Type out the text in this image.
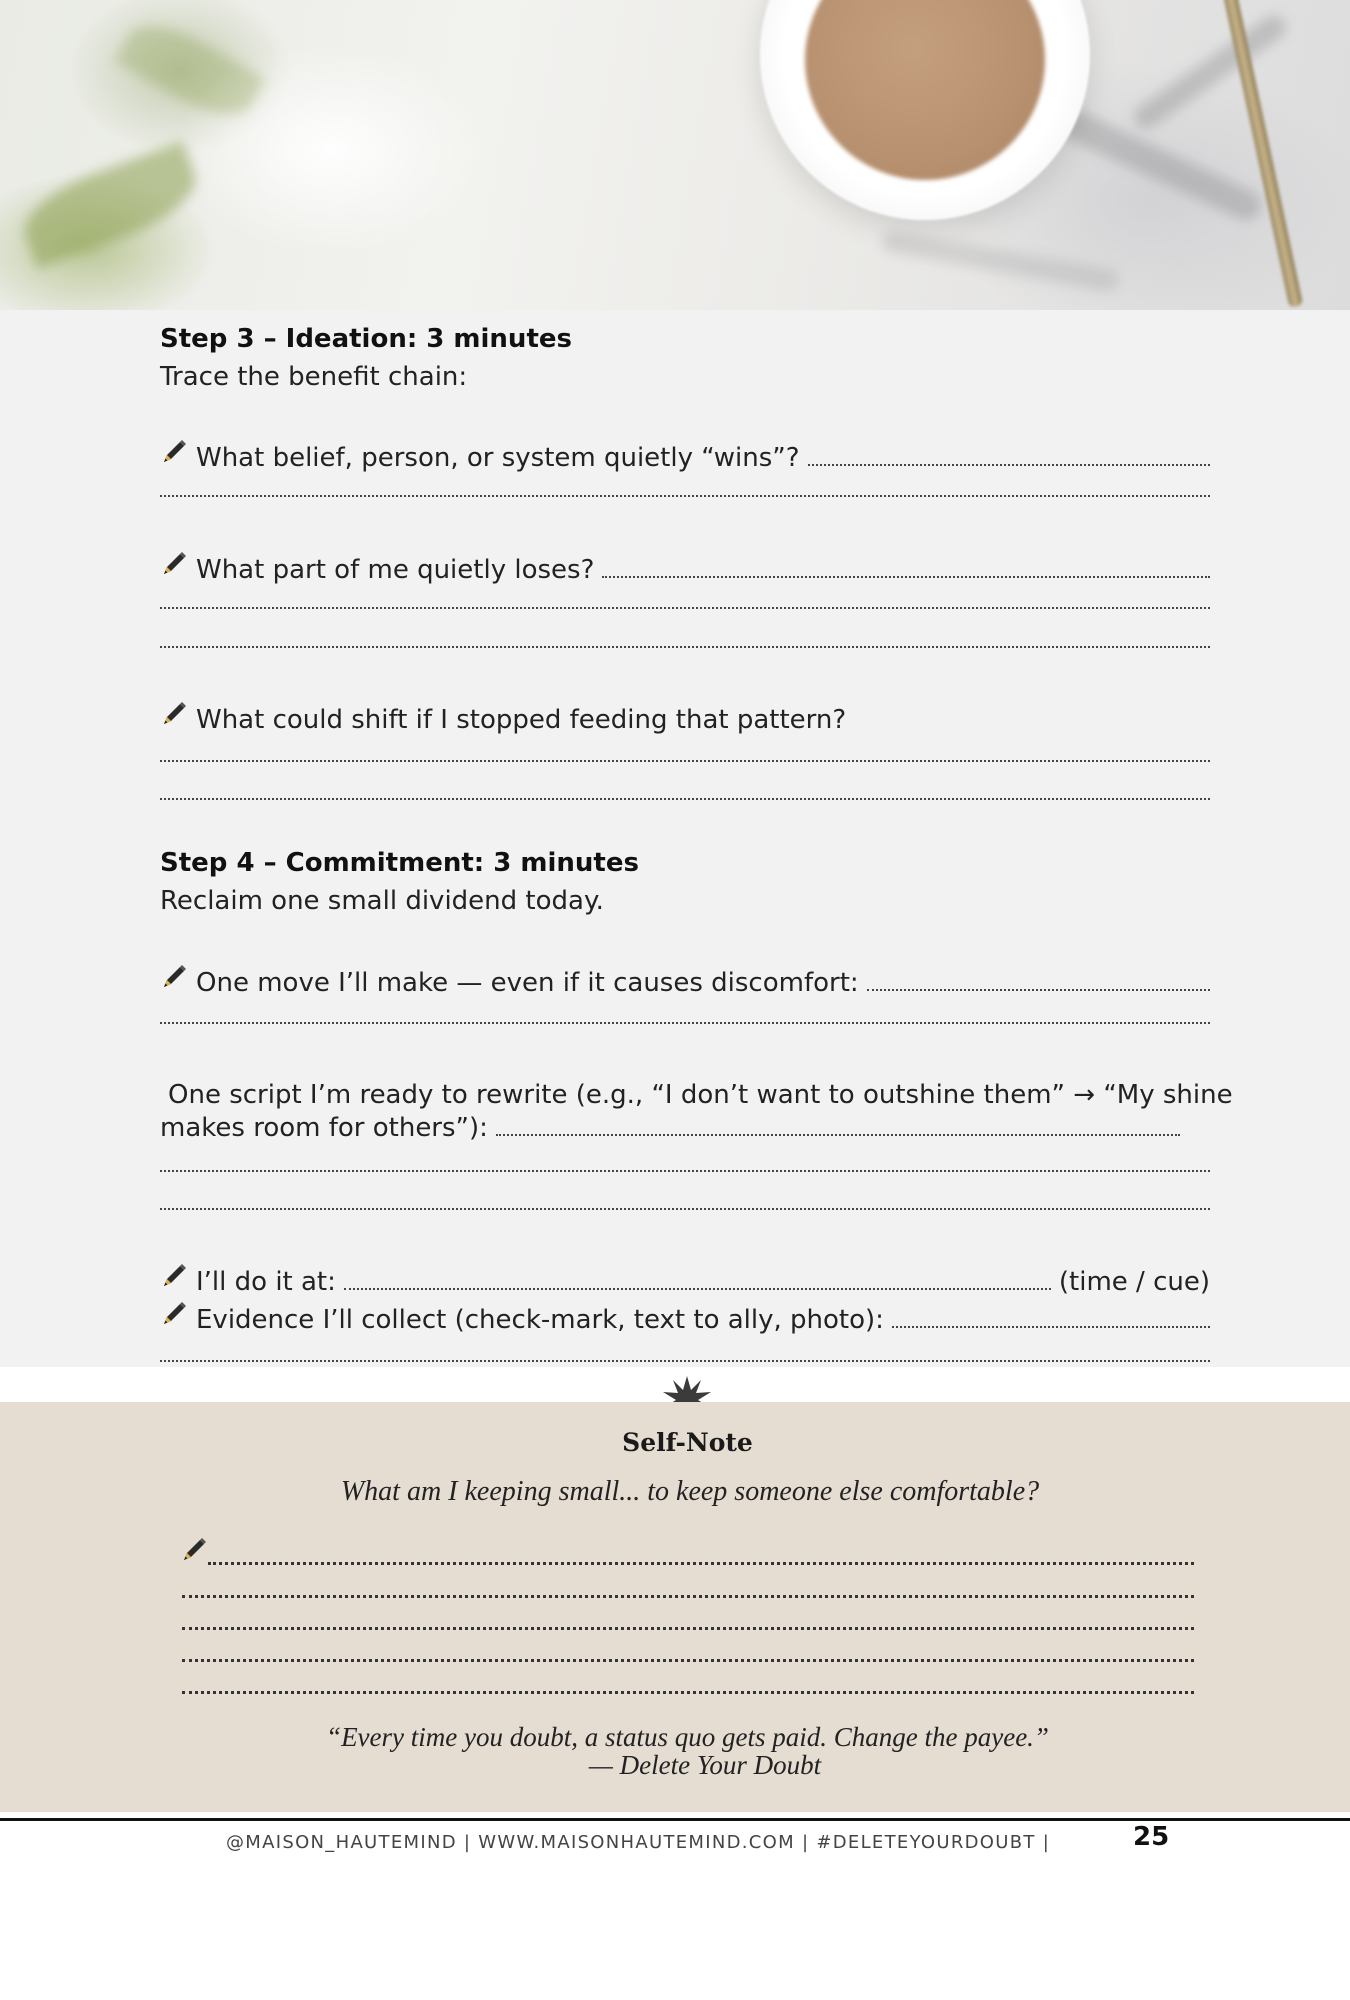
Step 3 – Ideation: 3 minutes
Trace the benefit chain:
What belief, person, or system quietly “wins”?
What part of me quietly loses?
What could shift if I stopped feeding that pattern?
Step 4 – Commitment: 3 minutes
Reclaim one small dividend today.
One move I’ll make — even if it causes discomfort:
One script I’m ready to rewrite (e.g., “I don’t want to outshine them” → “My shine
makes room for others”):
I’ll do it at:	(time / cue)
Evidence I’ll collect (check-mark, text to ally, photo):
Self-Note
What am I keeping small... to keep someone else comfortable?
“Every time you doubt, a status quo gets paid. Change the payee.”
— Delete Your Doubt
@MAISON_HAUTEMIND | WWW.MAISONHAUTEMIND.COM | #DELETEYOURDOUBT |	25
